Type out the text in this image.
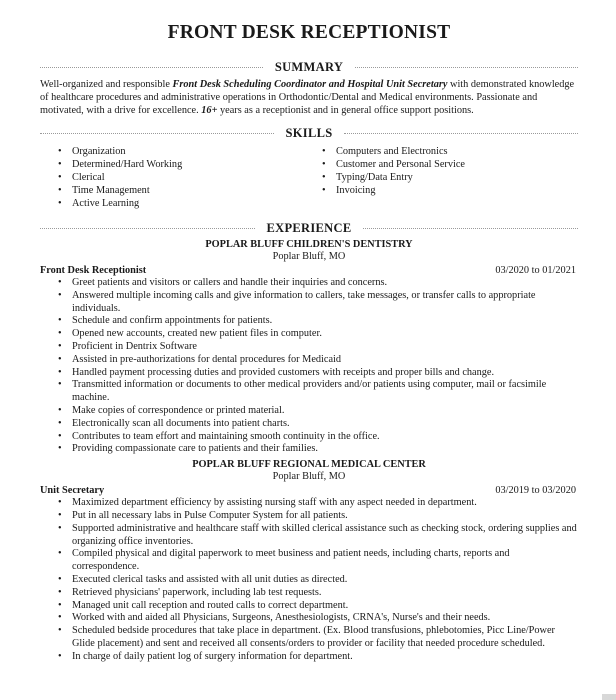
FRONT DESK RECEPTIONIST
SUMMARY

Well-organized and responsible Front Desk Scheduling Coordinator and Hospital Unit Secretary with demonstrated knowledge of healthcare procedures and administrative operations in Orthodontic/Dental and Medical environments. Passionate and motivated, with a drive for excellence. 16+ years as a receptionist and in general office support positions.

SKILLS
• Organization
• Determined/Hard Working
• Clerical
• Time Management
• Active Learning
• Computers and Electronics
• Customer and Personal Service
• Typing/Data Entry
• Invoicing
EXPERIENCE
POPLAR BLUFF CHILDREN'S DENTISTRY
Poplar Bluff, MO
Front Desk Receptionist	03/2020 to 01/2021
• Greet patients and visitors or callers and handle their inquiries and concerns.
• Answered multiple incoming calls and give information to callers, take messages, or transfer calls to appropriate individuals.
• Schedule and confirm appointments for patients.
• Opened new accounts, created new patient files in computer.
• Proficient in Dentrix Software
• Assisted in pre-authorizations for dental procedures for Medicaid
• Handled payment processing duties and provided customers with receipts and proper bills and change.
• Transmitted information or documents to other medical providers and/or patients using computer, mail or facsimile machine.
• Make copies of correspondence or printed material.
• Electronically scan all documents into patient charts.
• Contributes to team effort and maintaining smooth continuity in the office.
• Providing compassionate care to patients and their families.
POPLAR BLUFF REGIONAL MEDICAL CENTER
Poplar Bluff, MO
Unit Secretary	03/2019 to 03/2020
• Maximized department efficiency by assisting nursing staff with any aspect needed in department.
• Put in all necessary labs in Pulse Computer System for all patients.
• Supported administrative and healthcare staff with skilled clerical assistance such as checking stock, ordering supplies and organizing office inventories.
• Compiled physical and digital paperwork to meet business and patient needs, including charts, reports and correspondence.
• Executed clerical tasks and assisted with all unit duties as directed.
• Retrieved physicians' paperwork, including lab test requests.
• Managed unit call reception and routed calls to correct department.
• Worked with and aided all Physicians, Surgeons, Anesthesiologists, CRNA's, Nurse's and their needs.
• Scheduled bedside procedures that take place in department. (Ex. Blood transfusions, phlebotomies, Picc Line/Power Glide placement) and sent and received all consents/orders to provider or facility that needed procedure scheduled.
• In charge of daily patient log of surgery information for department.
